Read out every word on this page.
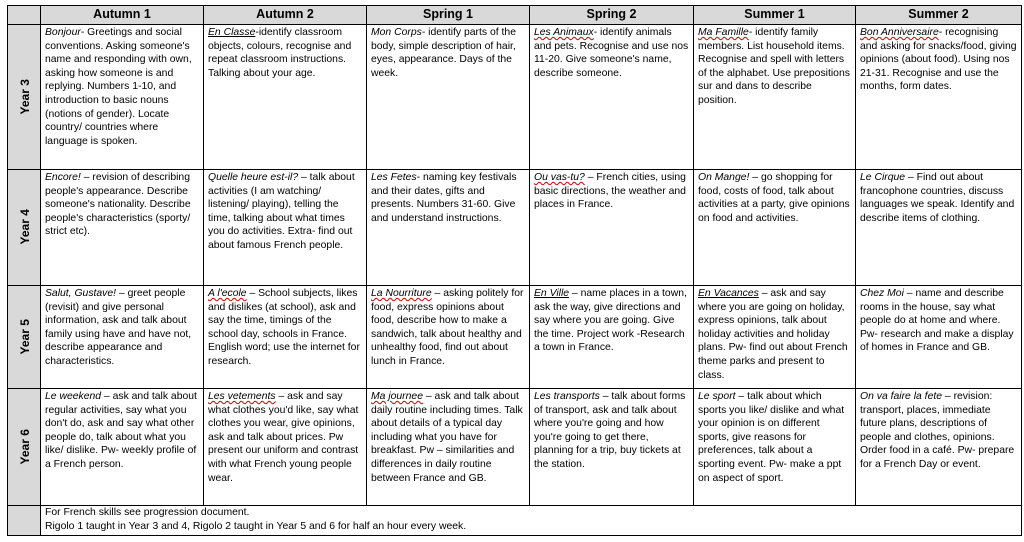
	Autumn 1	Autumn 2	Spring 1	Spring 2	Summer 1	Summer 2
Year 3	Bonjour- Greetings and social conventions. Asking someone's name and responding with own, asking how someone is and replying. Numbers 1-10, and introduction to basic nouns (notions of gender). Locate country/ countries where language is spoken.	En Classe-identify classroom objects, colours, recognise and repeat classroom instructions. Talking about your age.	Mon Corps- identify parts of the body, simple description of hair, eyes, appearance. Days of the week.	Les Animaux- identify animals and pets. Recognise and use nos 11-20. Give someone's name, describe someone.	Ma Famille- identify family members. List household items. Recognise and spell with letters of the alphabet. Use prepositions sur and dans to describe position.	Bon Anniversaire- recognising and asking for snacks/food, giving opinions (about food). Using nos 21-31. Recognise and use the months, form dates.
Year 4	Encore! – revision of describing people's appearance. Describe someone's nationality. Describe people's characteristics (sporty/ strict etc).	Quelle heure est-il? – talk about activities (I am watching/ listening/ playing), telling the time, talking about what times you do activities. Extra- find out about famous French people.	Les Fetes- naming key festivals and their dates, gifts and presents. Numbers 31-60. Give and understand instructions.	Ou vas-tu? – French cities, using basic directions, the weather and places in France.	On Mange! – go shopping for food, costs of food, talk about activities at a party, give opinions on food and activities.	Le Cirque – Find out about francophone countries, discuss languages we speak. Identify and describe items of clothing.
Year 5	Salut, Gustave! – greet people (revisit) and give personal information, ask and talk about family using have and have not, describe appearance and characteristics.	A l'ecole – School subjects, likes and dislikes (at school), ask and say the time, timings of the school day, schools in France. English word; use the internet for research.	La Nourriture – asking politely for food, express opinions about food, describe how to make a sandwich, talk about healthy and unhealthy food, find out about lunch in France.	En Ville – name places in a town, ask the way, give directions and say where you are going. Give the time. Project work -Research a town in France.	En Vacances – ask and say where you are going on holiday, express opinions, talk about holiday activities and holiday plans. Pw- find out about French theme parks and present to class.	Chez Moi – name and describe rooms in the house, say what people do at home and where. Pw- research and make a display of homes in France and GB.
Year 6	Le weekend – ask and talk about regular activities, say what you don't do, ask and say what other people do, talk about what you like/ dislike. Pw- weekly profile of a French person.	Les vetements – ask and say what clothes you'd like, say what clothes you wear, give opinions, ask and talk about prices. Pw present our uniform and contrast with what French young people wear.	Ma journee – ask and talk about daily routine including times. Talk about details of a typical day including what you have for breakfast. Pw – similarities and differences in daily routine between France and GB.	Les transports – talk about forms of transport, ask and talk about where you're going and how you're going to get there, planning for a trip, buy tickets at the station.	Le sport – talk about which sports you like/ dislike and what your opinion is on different sports, give reasons for preferences, talk about a sporting event. Pw- make a ppt on aspect of sport.	On va faire la fete – revision: transport, places, immediate future plans, descriptions of people and clothes, opinions. Order food in a café. Pw- prepare for a French Day or event.

	For French skills see progression document.
Rigolo 1 taught in Year 3 and 4, Rigolo 2 taught in Year 5 and 6 for half an hour every week.					
